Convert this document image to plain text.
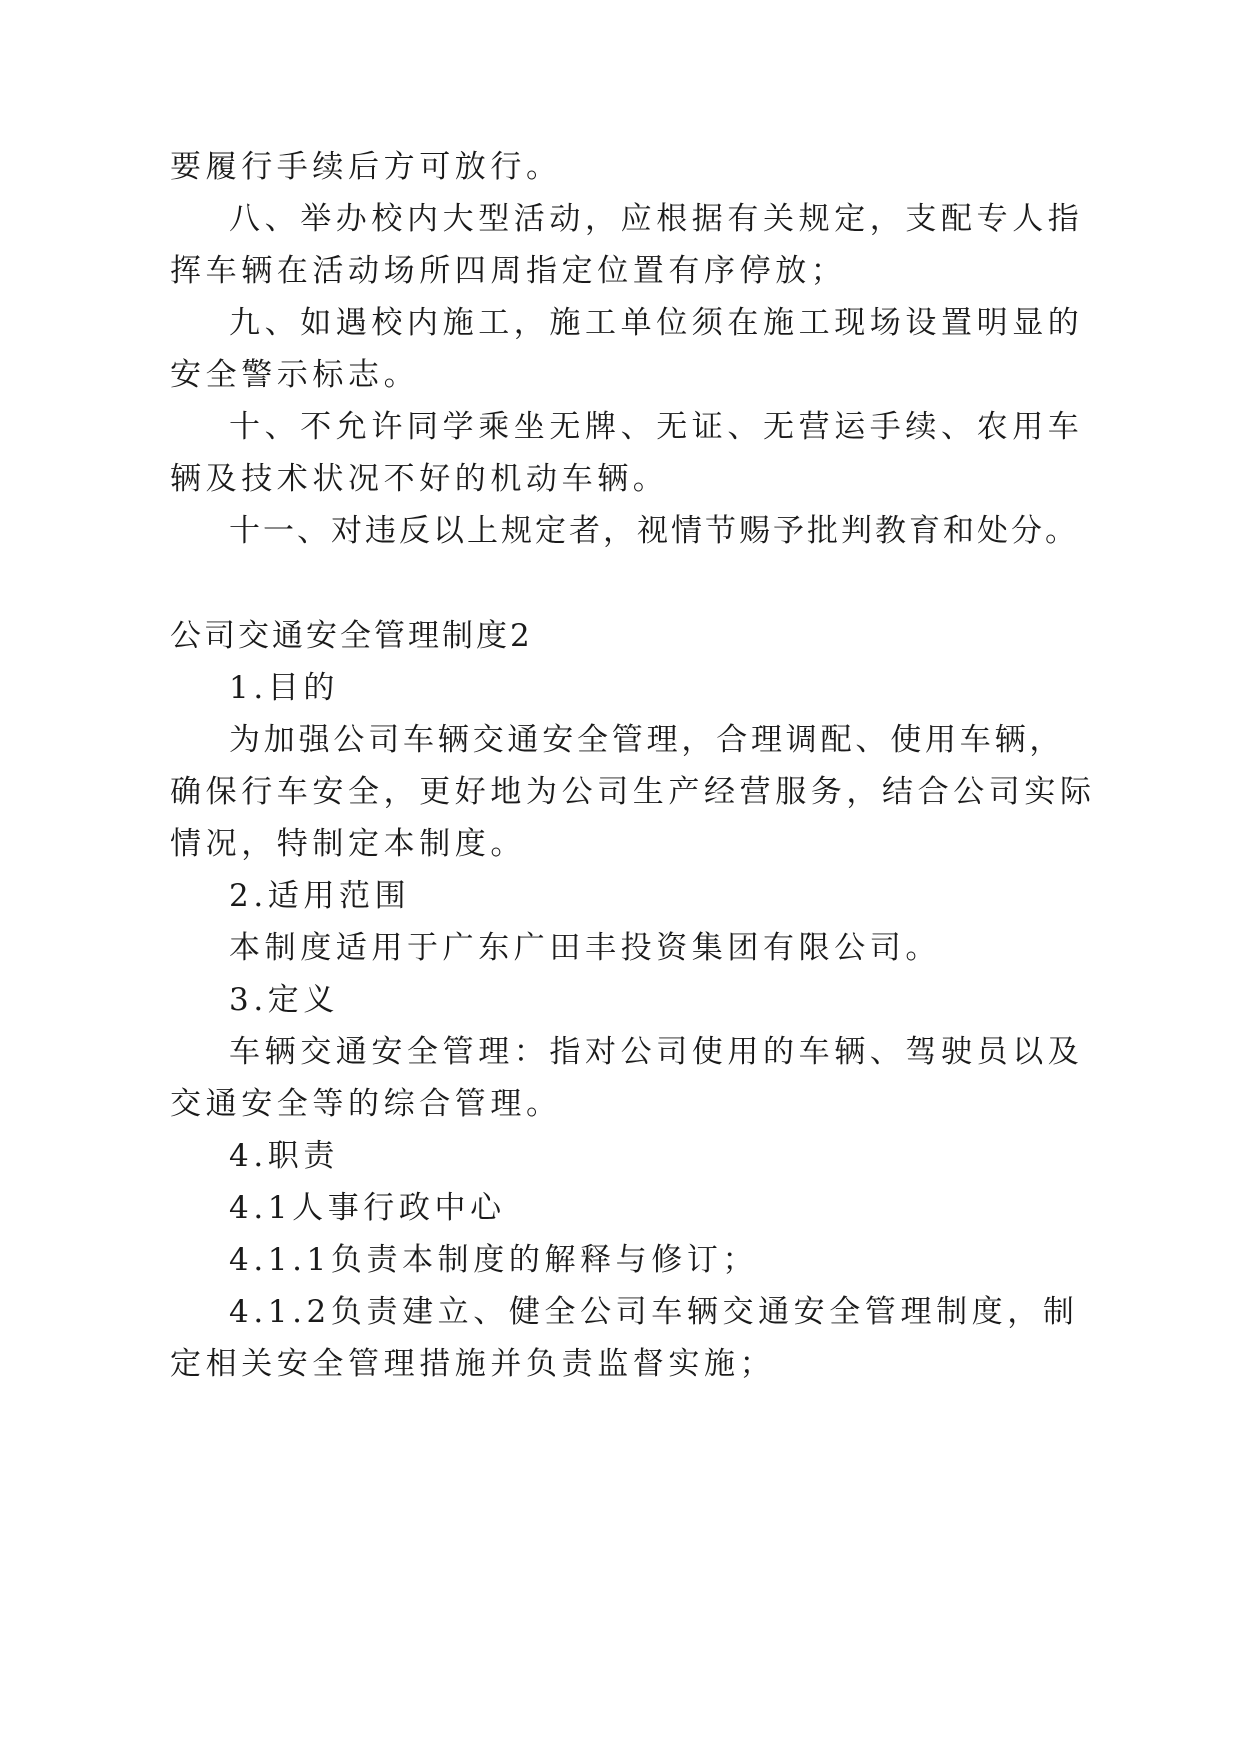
要履行手续后方可放行。
八、举办校内大型活动，应根据有关规定，支配专人指
挥车辆在活动场所四周指定位置有序停放；
九、如遇校内施工，施工单位须在施工现场设置明显的
安全警示标志。
十、不允许同学乘坐无牌、无证、无营运手续、农用车
辆及技术状况不好的机动车辆。
十一、对违反以上规定者，视情节赐予批判教育和处分。
公司交通安全管理制度2
1.目的
为加强公司车辆交通安全管理，合理调配、使用车辆，
确保行车安全，更好地为公司生产经营服务，结合公司实际
情况，特制定本制度。
2.适用范围
本制度适用于广东广田丰投资集团有限公司。
3.定义
车辆交通安全管理：指对公司使用的车辆、驾驶员以及
交通安全等的综合管理。
4.职责
4.1人事行政中心
4.1.1负责本制度的解释与修订；
4.1.2负责建立、健全公司车辆交通安全管理制度，制
定相关安全管理措施并负责监督实施；
